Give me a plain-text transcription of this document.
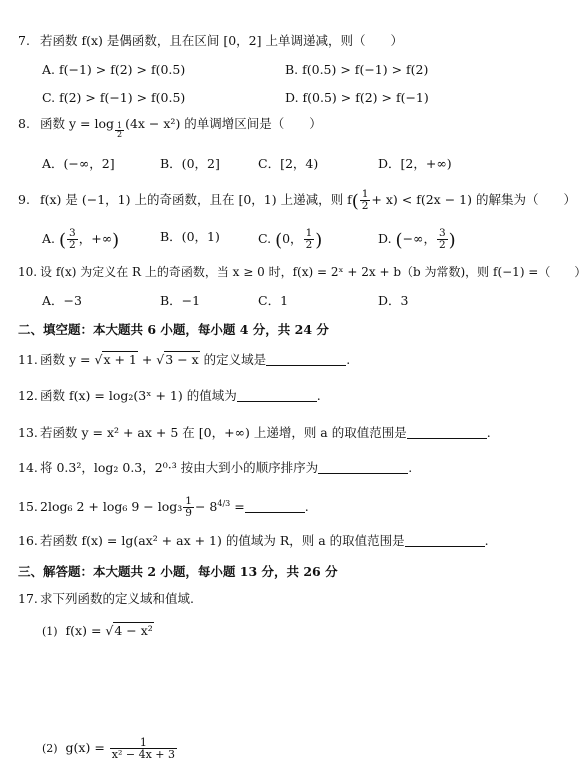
7. 若函数 f(x) 是偶函数，且在区间 [0，2] 上单调递减，则（　　）
A. f(−1) > f(2) > f(0.5)	B. f(0.5) > f(−1) > f(2)
C. f(2) > f(−1) > f(0.5)	D. f(0.5) > f(2) > f(−1)
8. 函数 $y = \log \frac{1}{2} (4x - x^2)$ 的单调增区间是（　　）
A．(−∞，2]	B．(0，2]	C．[2，4)	D．[2，+∞)
9. f(x) 是 (−1，1) 上的奇函数，且在 [0，1) 上递减，则 $f( \frac{1}{2} + x) < f(2x - 1)$ 的解集为（　　）
A. ( $\frac{3}{2}$ ，+∞)	B．(0，1)	C. (0， $\frac{1}{2}$ )	D. (−∞， $\frac{3}{2}$ )
10. 设 f(x) 为定义在 R 上的奇函数，当 x ≥ 0 时，f(x) = 2ˣ + 2x + b（b 为常数)，则 f(−1) =（　　）
A．−3	B．−1	C．1	D．3
二、填空题：本大题共 6 小题，每小题 4 分，共 24 分
11. 函数 y = √x + 1 + √3 − x 的定义域是	.
12. 函数 f(x) = log₂(3ˣ + 1) 的值域为	.
13. 若函数 y = x² + ax + 5 在 [0，+∞) 上递增，则 a 的取值范围是	.
14. 将 0.3²，log₂ 0.3，2⁰·³ 按由大到小的顺序排序为	.
15. 2log₆ 2 + log₆ $9 - \log_3 \frac{1}{9} - 8^{4/3}$ =	.
16. 若函数 f(x) = lg(ax² + ax + 1) 的值域为 R，则 a 的取值范围是	.
三、解答题：本大题共 2 小题，每小题 13 分，共 26 分
17. 求下列函数的定义域和值域.
(1) f(x) = √4 − x²
(2) $g(x) = \frac{1}{\text{x² − 4x + 3}}$
